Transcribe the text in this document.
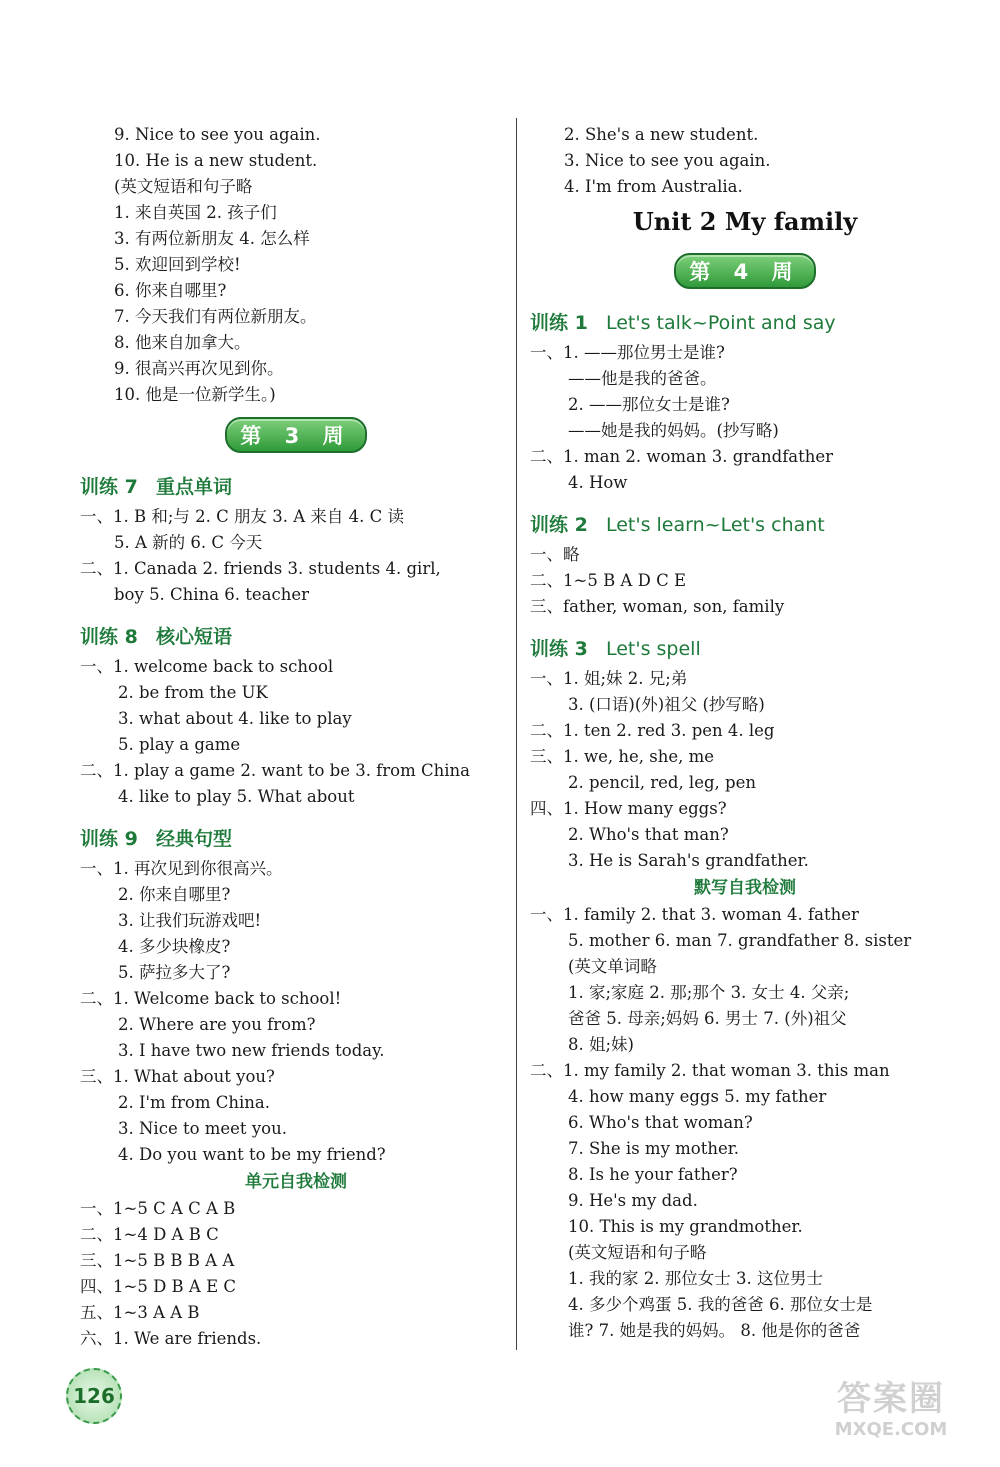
9. Nice to see you again.
10. He is a new student.
(英文短语和句子略
1. 来自英国 2. 孩子们
3. 有两位新朋友 4. 怎么样
5. 欢迎回到学校!
6. 你来自哪里?
7. 今天我们有两位新朋友。
8. 他来自加拿大。
9. 很高兴再次见到你。
10. 他是一位新学生。)
第 3 周
训练 7 重点单词
一、1. B 和;与 2. C 朋友 3. A 来自 4. C 读
5. A 新的 6. C 今天
二、1. Canada 2. friends 3. students 4. girl,
boy 5. China 6. teacher
训练 8 核心短语
一、1. welcome back to school
2. be from the UK
3. what about 4. like to play
5. play a game
二、1. play a game 2. want to be 3. from China
4. like to play 5. What about
训练 9 经典句型
一、1. 再次见到你很高兴。
2. 你来自哪里?
3. 让我们玩游戏吧!
4. 多少块橡皮?
5. 萨拉多大了?
二、1. Welcome back to school!
2. Where are you from?
3. I have two new friends today.
三、1. What about you?
2. I'm from China.
3. Nice to meet you.
4. Do you want to be my friend?
单元自我检测
一、1~5 C A C A B
二、1~4 D A B C
三、1~5 B B B A A
四、1~5 D B A E C
五、1~3 A A B
六、1. We are friends.
2. She's a new student.
3. Nice to see you again.
4. I'm from Australia.
Unit 2 My family
第 4 周
训练 1 Let's talk~Point and say
一、1. ——那位男士是谁?
——他是我的爸爸。
2. ——那位女士是谁?
——她是我的妈妈。(抄写略)
二、1. man 2. woman 3. grandfather
4. How
训练 2 Let's learn~Let's chant
一、略
二、1~5 B A D C E
三、father, woman, son, family
训练 3 Let's spell
一、1. 姐;妹 2. 兄;弟
3. (口语)(外)祖父 (抄写略)
二、1. ten 2. red 3. pen 4. leg
三、1. we, he, she, me
2. pencil, red, leg, pen
四、1. How many eggs?
2. Who's that man?
3. He is Sarah's grandfather.
默写自我检测
一、1. family 2. that 3. woman 4. father
5. mother 6. man 7. grandfather 8. sister
(英文单词略
1. 家;家庭 2. 那;那个 3. 女士 4. 父亲;
爸爸 5. 母亲;妈妈 6. 男士 7. (外)祖父
8. 姐;妹)
二、1. my family 2. that woman 3. this man
4. how many eggs 5. my father
6. Who's that woman?
7. She is my mother.
8. Is he your father?
9. He's my dad.
10. This is my grandmother.
(英文短语和句子略
1. 我的家 2. 那位女士 3. 这位男士
4. 多少个鸡蛋 5. 我的爸爸 6. 那位女士是
谁? 7. 她是我的妈妈。 8. 他是你的爸爸
126	答案圈
MXQE.COM
